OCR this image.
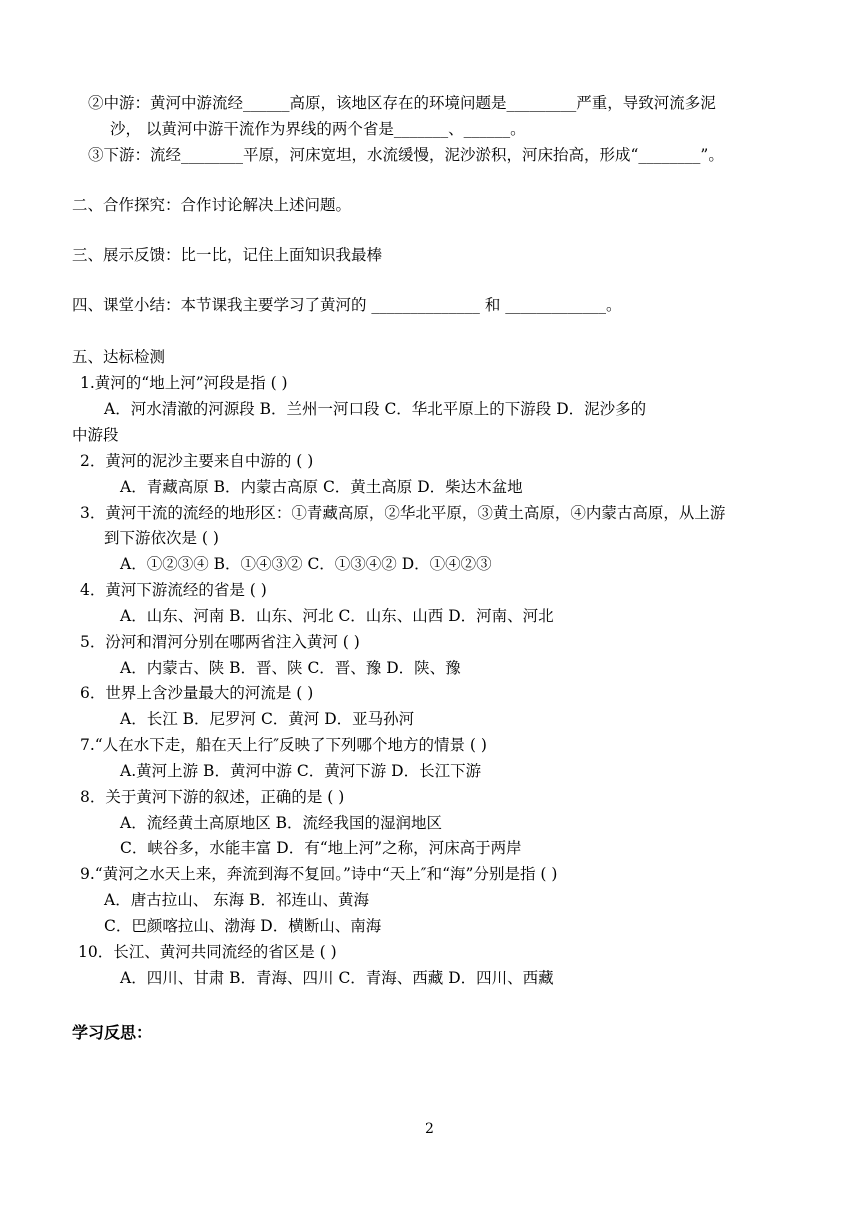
②中游：黄河中游流经______高原，该地区存在的环境问题是_________严重，导致河流多泥
沙， 以黄河中游干流作为界线的两个省是_______、______。
③下游：流经________平原，河床宽坦，水流缓慢，泥沙淤积，河床抬高，形成“________”。
二、合作探究：合作讨论解决上述问题。
三、展示反馈：比一比，记住上面知识我最棒
四、课堂小结：本节课我主要学习了黄河的 ______________ 和 _____________。
五、达标检测
1.黄河的“地上河”河段是指 ( )
A．河水清澈的河源段 B．兰州一河口段 C．华北平原上的下游段 D．泥沙多的
中游段
2．黄河的泥沙主要来自中游的 ( )
A．青藏高原 B．内蒙古高原 C．黄土高原 D．柴达木盆地
3．黄河干流的流经的地形区：①青藏高原，②华北平原，③黄土高原，④内蒙古高原，从上游
到下游依次是 ( )
A．①②③④ B．①④③② C．①③④② D．①④②③
4．黄河下游流经的省是 ( )
A．山东、河南 B．山东、河北 C．山东、山西 D．河南、河北
5．汾河和渭河分别在哪两省注入黄河 ( )
A．内蒙古、陕 B．晋、陕 C．晋、豫 D．陕、豫
6．世界上含沙量最大的河流是 ( )
A．长江 B．尼罗河 C．黄河 D．亚马孙河
7.“人在水下走，船在天上行″反映了下列哪个地方的情景 ( )
A.黄河上游 B．黄河中游 C．黄河下游 D．长江下游
8．关于黄河下游的叙述，正确的是 ( )
A．流经黄土高原地区 B．流经我国的湿润地区
C．峡谷多，水能丰富 D．有“地上河”之称，河床高于两岸
9.“黄河之水天上来，奔流到海不复回。”诗中“天上″和“海”分别是指 ( )
A．唐古拉山、 东海 B．祁连山、黄海
C．巴颜喀拉山、渤海 D．横断山、南海
10．长江、黄河共同流经的省区是 ( )
A．四川、甘肃 B．青海、四川 C．青海、西藏 D．四川、西藏
学习反思：
2
